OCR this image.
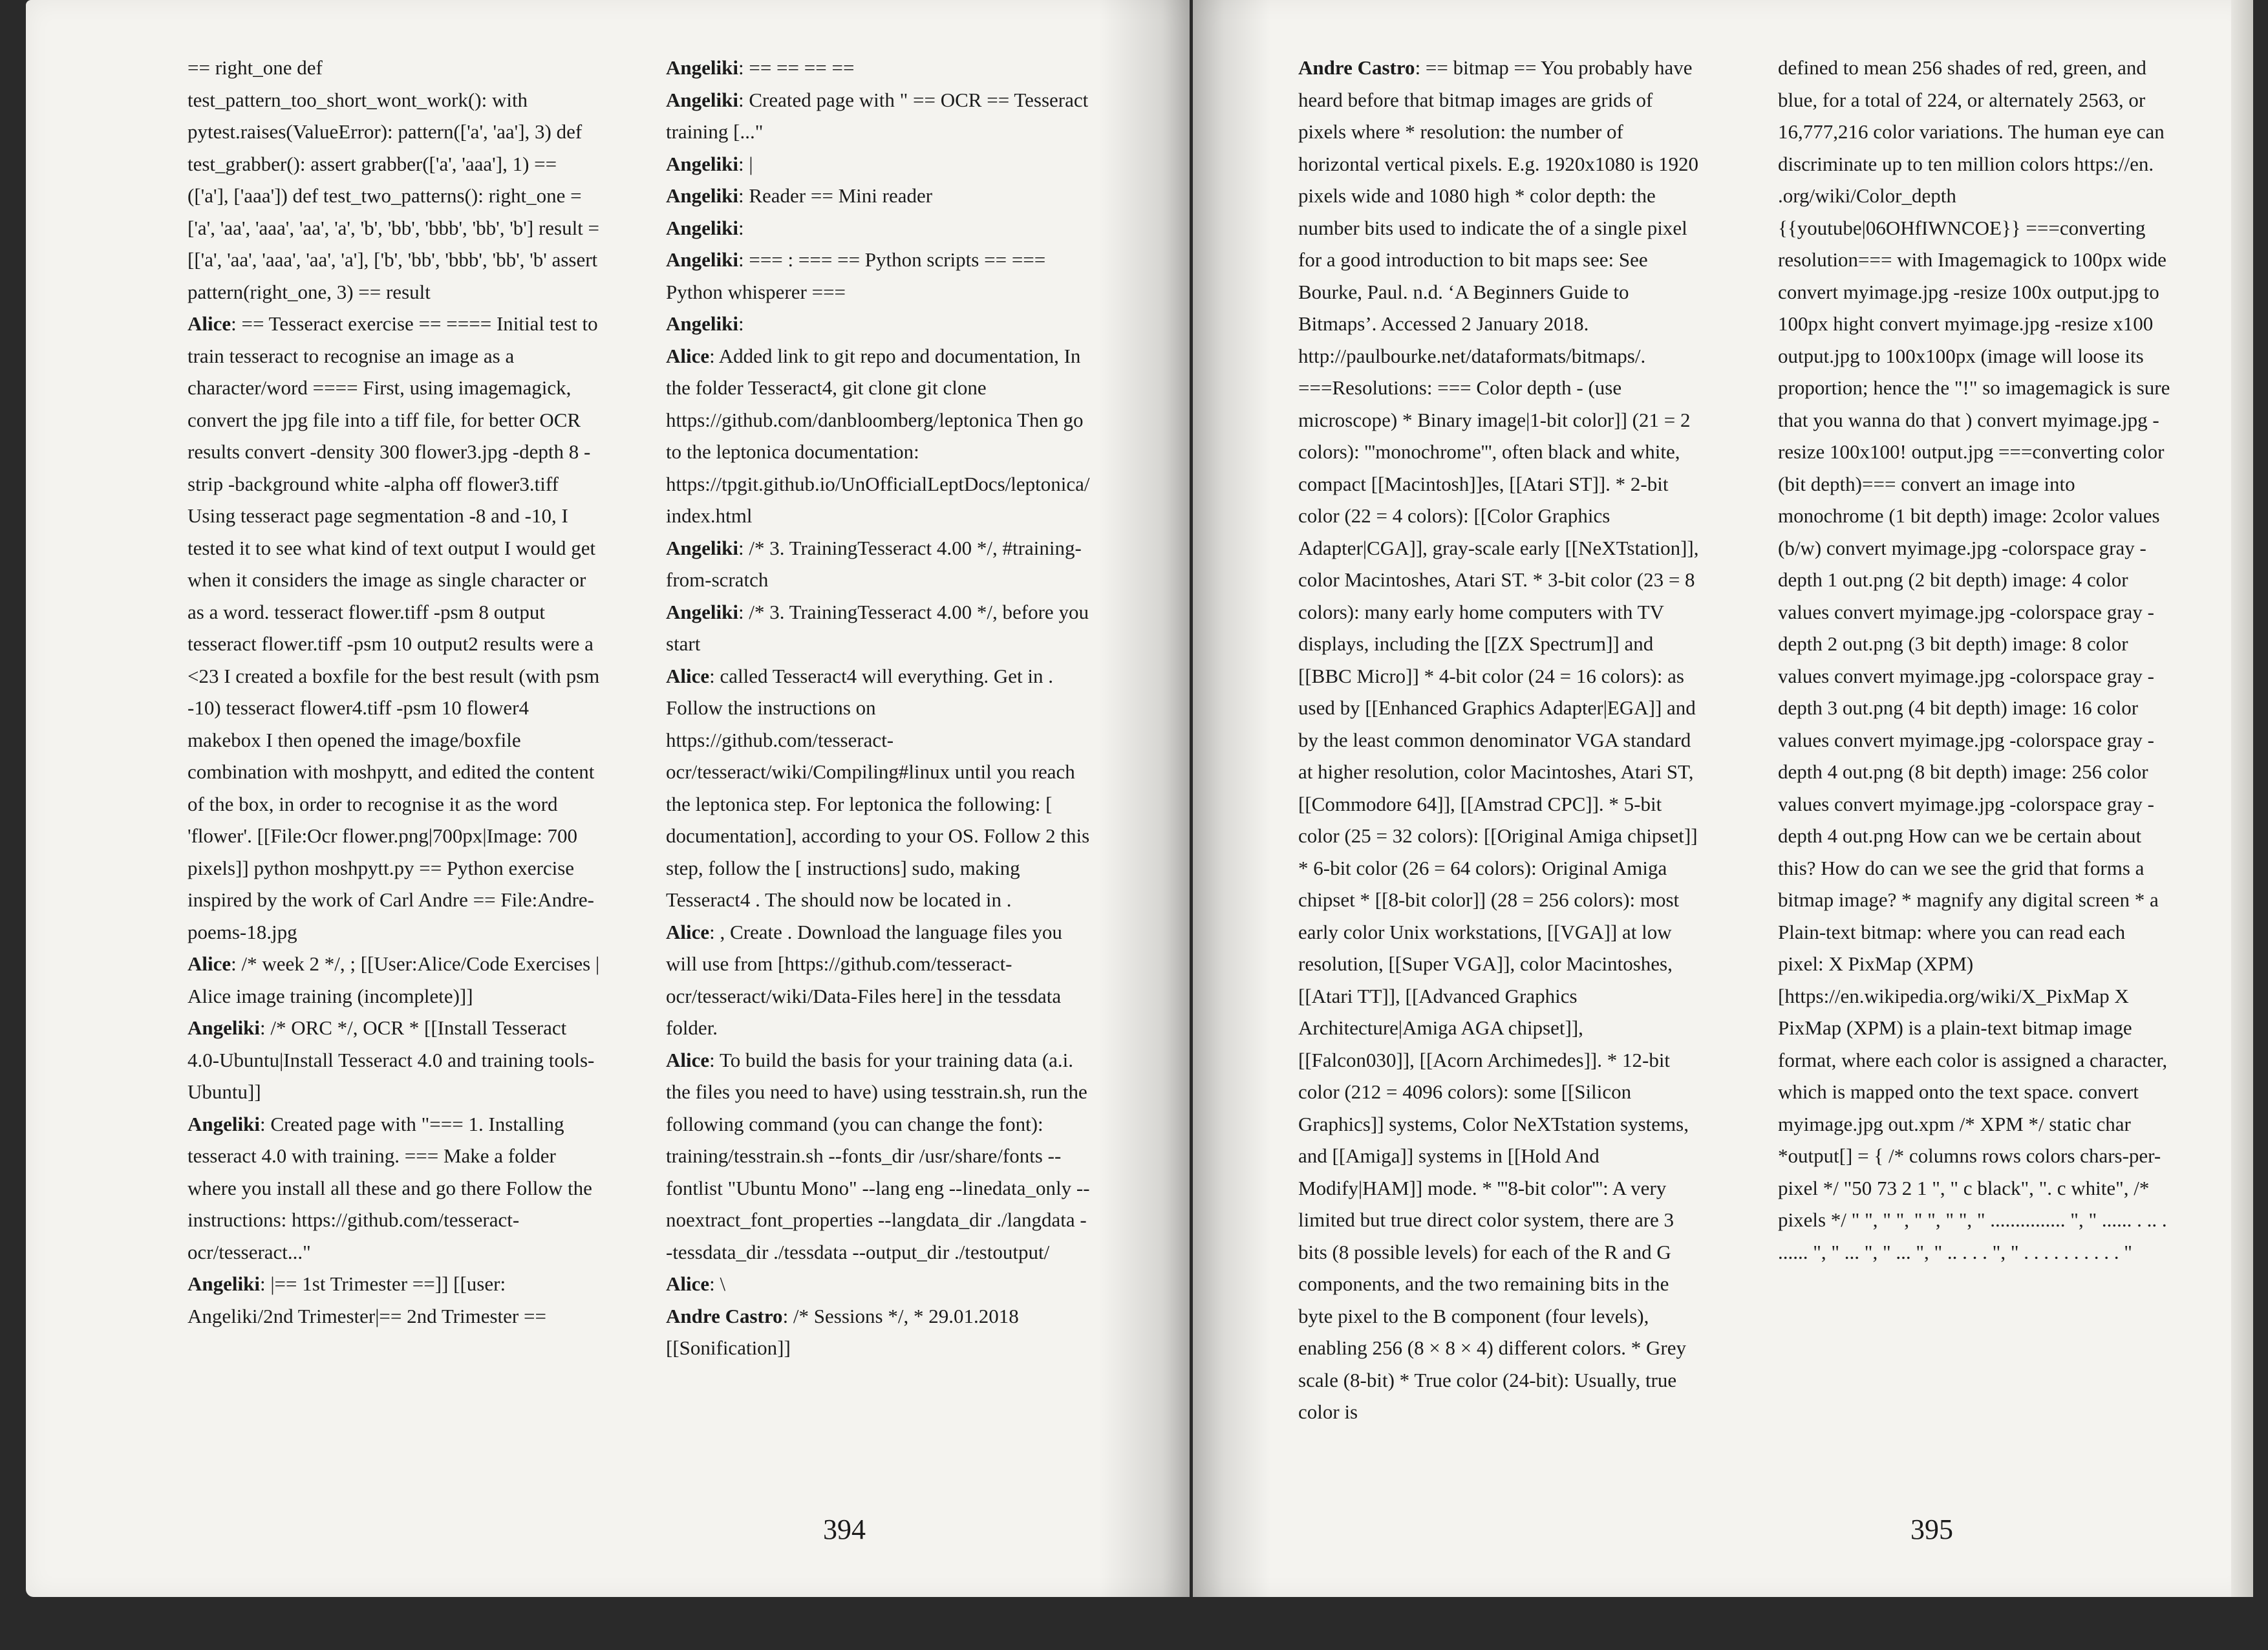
== right_one def test_pattern_too_short_wont_work(): with pytest.raises(ValueError): pattern(['a', 'aa'], 3) def test_grabber(): assert grabber(['a', 'aaa'], 1) == (['a'], ['aaa']) def test_two_patterns(): right_one = ['a', 'aa', 'aaa', 'aa', 'a', 'b', 'bb', 'bbb', 'bb', 'b'] result = [['a', 'aa', 'aaa', 'aa', 'a'], ['b', 'bb', 'bbb', 'bb', 'b' assert pattern(right_one, 3) == result

Alice: == Tesseract exercise == ==== Initial test to train tesseract to recognise an image as a character/word ==== First, using imagemagick, convert the jpg file into a tiff file, for better OCR results convert -density 300 flower3.jpg -depth 8 -strip -background white -alpha off flower3.tiff Using tesseract page segmentation -8 and -10, I tested it to see what kind of text output I would get when it considers the image as single character or as a word. tesseract flower.tiff -psm 8 output tesseract flower.tiff -psm 10 output2 results were a <23 I created a boxfile for the best result (with psm -10) tesseract flower4.tiff -psm 10 flower4 makebox I then opened the image/boxfile combination with moshpytt, and edited the content of the box, in order to recognise it as the word 'flower'. [[File:Ocr flower.png|700px|Image: 700 pixels]] python moshpytt.py == Python exercise inspired by the work of Carl Andre == File:Andre-poems-18.jpg

Alice: /* week 2 */, ; [[User:Alice/Code Exercises | Alice image training (incomplete)]]

Angeliki: /* ORC */, OCR * [[Install Tesseract 4.0-Ubuntu|Install Tesseract 4.0 and training tools- Ubuntu]]

Angeliki: Created page with "=== 1. Installing tesseract 4.0 with training. === Make a folder where you install all these and go there Follow the instructions: https://github.com/tesseract-ocr/tesseract..."

Angeliki: |== 1st Trimester ==]] [[user: Angeliki/2nd Trimester|== 2nd Trimester ==

Angeliki: == == == ==

Angeliki: Created page with " == OCR == Tesseract training [..."

Angeliki: |

Angeliki: Reader == Mini reader

Angeliki:

Angeliki: === : === == Python scripts == === Python whisperer ===

Angeliki:

Alice: Added link to git repo and documentation, In the folder Tesseract4, git clone git clone https://github.com/danbloomberg/leptonica Then go to the leptonica documentation: https://tpgit.github.io/UnOfficialLeptDocs/leptonica/index.html

Angeliki: /* 3. TrainingTesseract 4.00 */, #training-from-scratch

Angeliki: /* 3. TrainingTesseract 4.00 */, before you start

Alice: called Tesseract4 will everything. Get in . Follow the instructions on https://github.com/tesseract-ocr/tesseract/wiki/Compiling#linux until you reach the leptonica step. For leptonica the following: [ documentation], according to your OS. Follow 2 this step, follow the [ instructions] sudo, making Tesseract4 . The should now be located in .

Alice: , Create . Download the language files you will use from [https://github.com/tesseract-ocr/tesseract/wiki/Data-Files here] in the tessdata folder.

Alice: To build the basis for your training data (a.i. the files you need to have) using tesstrain.sh, run the following command (you can change the font): training/tesstrain.sh --fonts_dir /usr/share/fonts --fontlist "Ubuntu Mono" --lang eng --linedata_only --noextract_font_properties --langdata_dir ./langdata --tessdata_dir ./tessdata --output_dir ./testoutput/

Alice: \

Andre Castro: /* Sessions */, * 29.01.2018 [[Sonification]]

Andre Castro: == bitmap == You probably have heard before that bitmap images are grids of pixels where * resolution: the number of horizontal vertical pixels. E.g. 1920x1080 is 1920 pixels wide and 1080 high * color depth: the number bits used to indicate the of a single pixel for a good introduction to bit maps see: See Bourke, Paul. n.d. ‘A Beginners Guide to Bitmaps’. Accessed 2 January 2018. http://paulbourke.net/dataformats/bitmaps/. ===Resolutions: === Color depth - (use microscope) * Binary image|1-bit color]] (21 = 2 colors): '''monochrome''', often black and white, compact [[Macintosh]]es, [[Atari ST]]. * 2-bit color (22 = 4 colors): [[Color Graphics Adapter|CGA]], gray-scale early [[NeXTstation]], color Macintoshes, Atari ST. * 3-bit color (23 = 8 colors): many early home computers with TV displays, including the [[ZX Spectrum]] and [[BBC Micro]] * 4-bit color (24 = 16 colors): as used by [[Enhanced Graphics Adapter|EGA]] and by the least common denominator VGA standard at higher resolution, color Macintoshes, Atari ST, [[Commodore 64]], [[Amstrad CPC]]. * 5-bit color (25 = 32 colors): [[Original Amiga chipset]] * 6-bit color (26 = 64 colors): Original Amiga chipset * [[8-bit color]] (28 = 256 colors): most early color Unix workstations, [[VGA]] at low resolution, [[Super VGA]], color Macintoshes, [[Atari TT]], [[Advanced Graphics Architecture|Amiga AGA chipset]], [[Falcon030]], [[Acorn Archimedes]]. * 12-bit color (212 = 4096 colors): some [[Silicon Graphics]] systems, Color NeXTstation systems, and [[Amiga]] systems in [[Hold And Modify|HAM]] mode. * '''8-bit color''': A very limited but true direct color system, there are 3 bits (8 possible levels) for each of the R and G components, and the two remaining bits in the byte pixel to the B component (four levels), enabling 256 (8 × 8 × 4) different colors. * Grey scale (8-bit) * True color (24-bit): Usually, true color is

defined to mean 256 shades of red, green, and blue, for a total of 224, or alternately 2563, or 16,777,216 color variations. The human eye can discriminate up to ten million colors https://en. .org/wiki/Color_depth {{youtube|06OHfIWNCOE}} ===converting resolution=== with Imagemagick to 100px wide convert myimage.jpg -resize 100x output.jpg to 100px hight convert myimage.jpg -resize x100 output.jpg to 100x100px (image will loose its proportion; hence the "!" so imagemagick is sure that you wanna do that ) convert myimage.jpg -resize 100x100! output.jpg ===converting color (bit depth)=== convert an image into monochrome (1 bit depth) image: 2color values (b/w) convert myimage.jpg -colorspace gray -depth 1 out.png (2 bit depth) image: 4 color values convert myimage.jpg -colorspace gray -depth 2 out.png (3 bit depth) image: 8 color values convert myimage.jpg -colorspace gray -depth 3 out.png (4 bit depth) image: 16 color values convert myimage.jpg -colorspace gray -depth 4 out.png (8 bit depth) image: 256 color values convert myimage.jpg -colorspace gray -depth 4 out.png How can we be certain about this? How do can we see the grid that forms a bitmap image? * magnify any digital screen * a Plain-text bitmap: where you can read each pixel: X PixMap (XPM) [https://en.wikipedia.org/wiki/X_PixMap X PixMap (XPM) is a plain-text bitmap image format, where each color is assigned a character, which is mapped onto the text space. convert myimage.jpg out.xpm /* XPM */ static char *output[] = { /* columns rows colors chars-per-pixel */ "50 73 2 1 ", " c black", ". c white", /* pixels */ " ", " ", " ", " ", " ............... ", " ...... . .. . ...... ", " ... ", " ... ", " .. . . . ", " . . . . . . . . . . "

394	395
